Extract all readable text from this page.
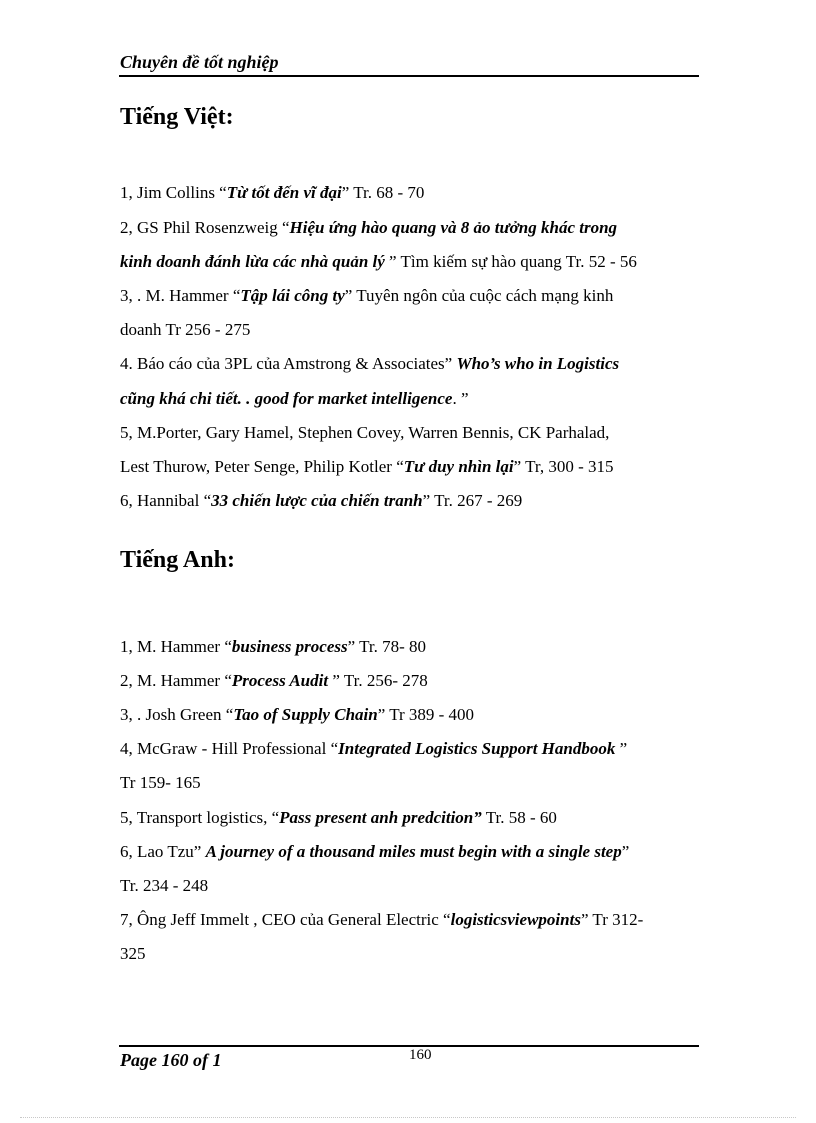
Chuyên đề tốt nghiệp
Tiếng Việt:
1, Jim Collins “Từ tốt đến vĩ đại” Tr. 68 - 70
2, GS Phil Rosenzweig “Hiệu ứng hào quang và 8 ảo tưởng khác trong
kinh doanh đánh lừa các nhà quản lý ” Tìm kiếm sự hào quang Tr. 52 - 56
3, . M. Hammer “Tập lái công ty” Tuyên ngôn của cuộc cách mạng kinh
doanh Tr 256 - 275
4. Báo cáo của 3PL của Amstrong & Associates” Who’s who in Logistics
cũng khá chi tiết. . good for market intelligence. ”
5, M.Porter, Gary Hamel, Stephen Covey, Warren Bennis, CK Parhalad,
Lest Thurow, Peter Senge, Philip Kotler “Tư duy nhìn lại” Tr, 300 - 315
6, Hannibal “33 chiến lược của chiến tranh” Tr. 267 - 269
Tiếng Anh:
1, M. Hammer “business process” Tr. 78- 80
2, M. Hammer “Process Audit ” Tr. 256- 278
3, . Josh Green “Tao of Supply Chain” Tr 389 - 400
4, McGraw - Hill Professional “Integrated Logistics Support Handbook ”
Tr 159- 165
5, Transport logistics, “Pass present anh predcition” Tr. 58 - 60
6, Lao Tzu” A journey of a thousand miles must begin with a single step”
Tr. 234 - 248
7, Ông Jeff Immelt , CEO của General Electric “logisticsviewpoints” Tr 312-
325
Page 160 of 1	160
